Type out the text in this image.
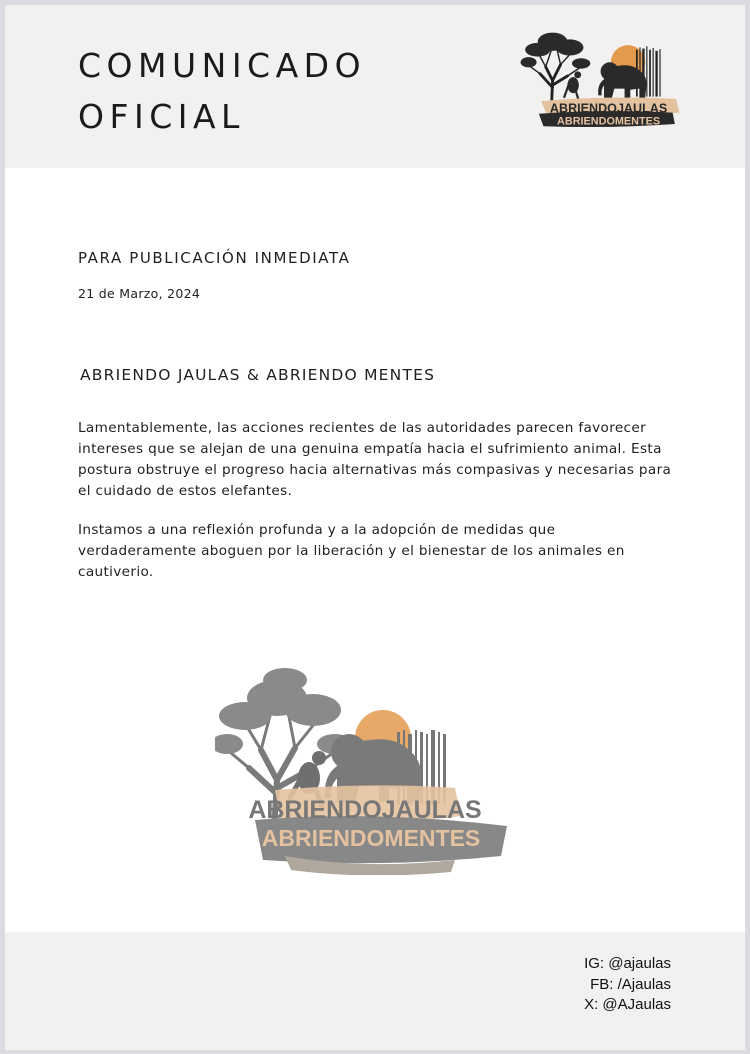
COMUNICADO
OFICIAL	ABRIENDOJAULAS
ABRIENDOMENTES
PARA PUBLICACIÓN INMEDIATA
21 de Marzo, 2024
ABRIENDO JAULAS & ABRIENDO MENTES

Lamentablemente, las acciones recientes de las autoridades parecen favorecer intereses que se alejan de una genuina empatía hacia el sufrimiento animal. Esta postura obstruye el progreso hacia alternativas más compasivas y necesarias para el cuidado de estos elefantes.

Instamos a una reflexión profunda y a la adopción de medidas que verdaderamente aboguen por la liberación y el bienestar de los animales en cautiverio.

ABRIENDOJAULAS
ABRIENDOMENTES
IG: @ajaulas
FB: /Ajaulas
X: @AJaulas
